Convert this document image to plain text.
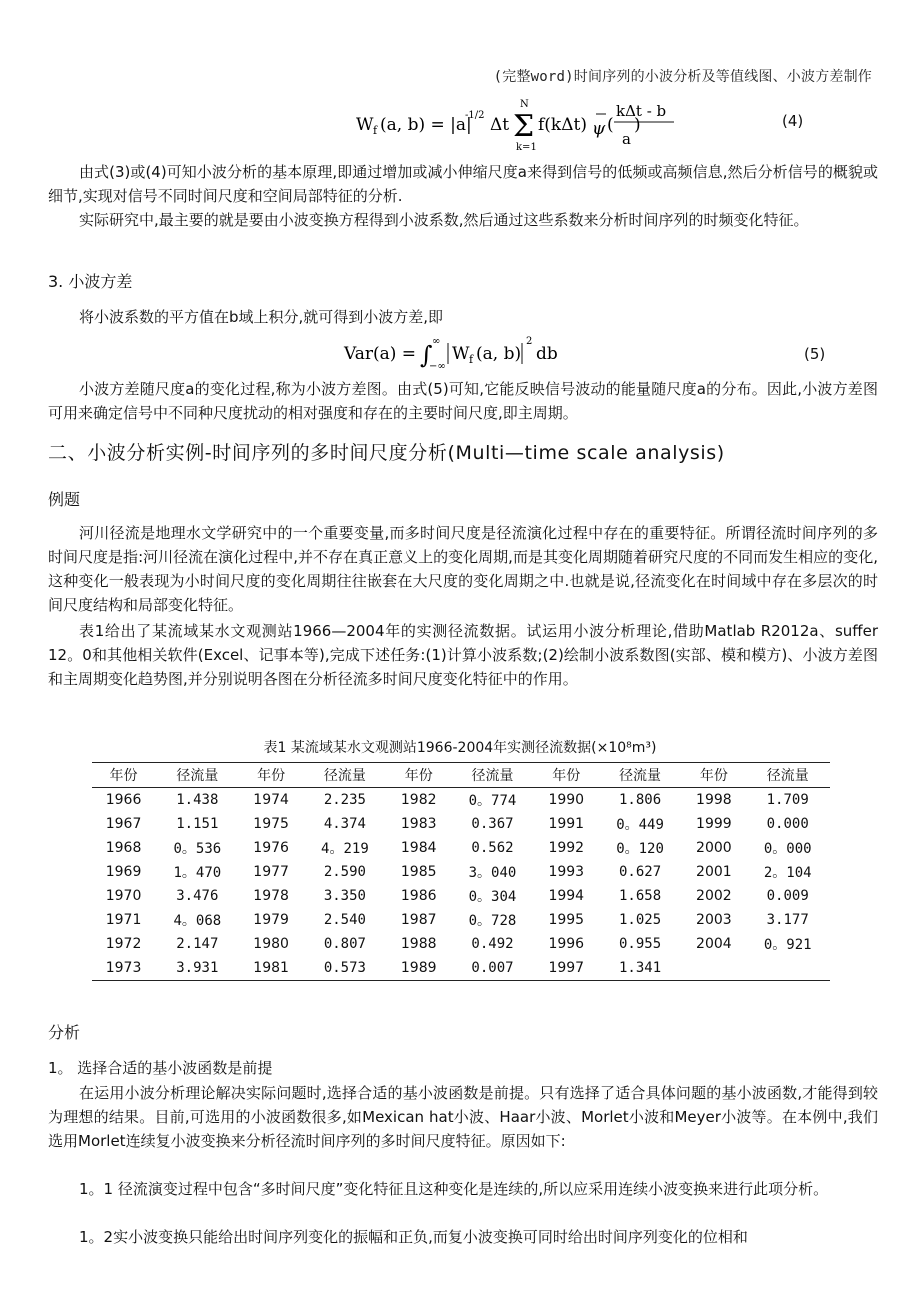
(完整word)时间序列的小波分析及等值线图、小波方差制作
W f (a, b) = |a|
-1/2 Δt Σ
N
k=1
f(kΔt) ψ (
kΔt - b
a
)	(4)
由式(3)或(4)可知小波分析的基本原理,即通过增加或减小伸缩尺度a来得到信号的低频或高频信息,然后分析信号的概貌或细节,实现对信号不同时间尺度和空间局部特征的分析.
实际研究中,最主要的就是要由小波变换方程得到小波系数,然后通过这些系数来分析时间序列的时频变化特征。
3. 小波方差
将小波系数的平方值在b域上积分,就可得到小波方差,即
Var(a) = ∫ ∞
−∞
W f (a, b)
2
db	(5)
小波方差随尺度a的变化过程,称为小波方差图。由式(5)可知,它能反映信号波动的能量随尺度a的分布。因此,小波方差图可用来确定信号中不同种尺度扰动的相对强度和存在的主要时间尺度,即主周期。
二、小波分析实例-时间序列的多时间尺度分析(Multi—time scale analysis)
例题
河川径流是地理水文学研究中的一个重要变量,而多时间尺度是径流演化过程中存在的重要特征。所谓径流时间序列的多时间尺度是指:河川径流在演化过程中,并不存在真正意义上的变化周期,而是其变化周期随着研究尺度的不同而发生相应的变化,这种变化一般表现为小时间尺度的变化周期往往嵌套在大尺度的变化周期之中.也就是说,径流变化在时间域中存在多层次的时间尺度结构和局部变化特征。
表1给出了某流域某水文观测站1966—2004年的实测径流数据。试运用小波分析理论,借助Matlab R2012a、suffer 12。0和其他相关软件(Excel、记事本等),完成下述任务:(1)计算小波系数;(2)绘制小波系数图(实部、模和模方)、小波方差图和主周期变化趋势图,并分别说明各图在分析径流多时间尺度变化特征中的作用。
表1 某流域某水文观测站1966-2004年实测径流数据(×10⁸m³)
年份	径流量	年份	径流量	年份	径流量	年份	径流量	年份	径流量
1966	1.438	1974	2.235	1982	0。774	1990	1.806	1998	1.709
1967	1.151	1975	4.374	1983	0.367	1991	0。449	1999	0.000
1968	0。536	1976	4。219	1984	0.562	1992	0。120	2000	0。000
1969	1。470	1977	2.590	1985	3。040	1993	0.627	2001	2。104
1970	3.476	1978	3.350	1986	0。304	1994	1.658	2002	0.009
1971	4。068	1979	2.540	1987	0。728	1995	1.025	2003	3.177
1972	2.147	1980	0.807	1988	0.492	1996	0.955	2004	0。921
1973	3.931	1981	0.573	1989	0.007	1997	1.341		
分析
1。 选择合适的基小波函数是前提
在运用小波分析理论解决实际问题时,选择合适的基小波函数是前提。只有选择了适合具体问题的基小波函数,才能得到较为理想的结果。目前,可选用的小波函数很多,如Mexican hat小波、Haar小波、Morlet小波和Meyer小波等。在本例中,我们选用Morlet连续复小波变换来分析径流时间序列的多时间尺度特征。原因如下:
1。1 径流演变过程中包含“多时间尺度”变化特征且这种变化是连续的,所以应采用连续小波变换来进行此项分析。
1。2实小波变换只能给出时间序列变化的振幅和正负,而复小波变换可同时给出时间序列变化的位相和
